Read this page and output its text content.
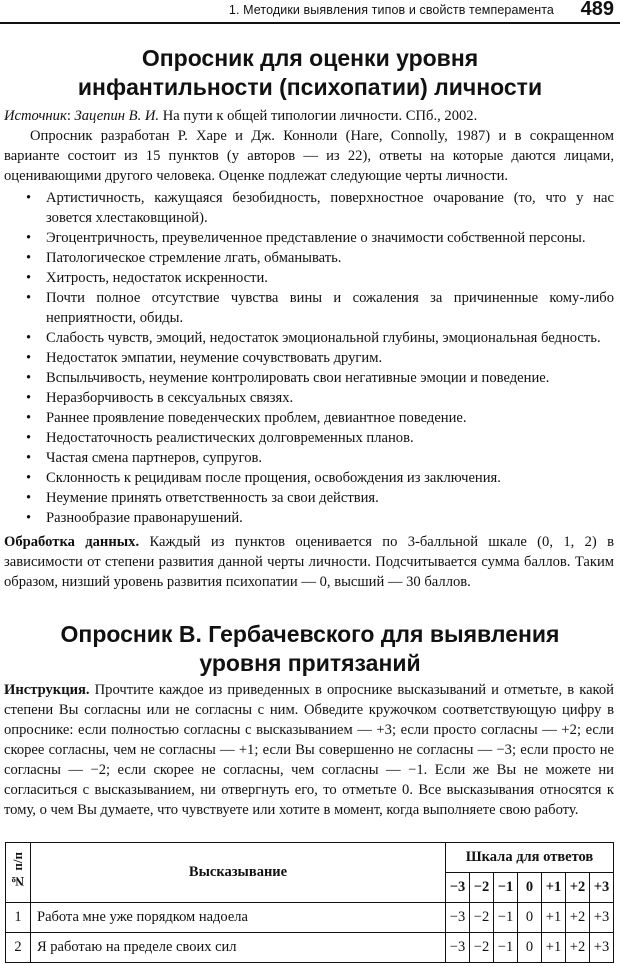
1. Методики выявления типов и свойств темперамента 489
Опросник для оценки уровня
инфантильности (психопатии) личности

Источник: Зацепин В. И. На пути к общей типологии личности. СПб., 2002.

Опросник разработан Р. Харе и Дж. Конноли (Hare, Connolly, 1987) и в сокращенном варианте состоит из 15 пунктов (у авторов — из 22), ответы на которые даются лицами, оценивающими другого человека. Оценке подлежат следующие черты личности.

• Артистичность, кажущаяся безобидность, поверхностное очарование (то, что у нас зовется хлестаковщиной).
• Эгоцентричность, преувеличенное представление о значимости собственной персоны.
• Патологическое стремление лгать, обманывать.
• Хитрость, недостаток искренности.
• Почти полное отсутствие чувства вины и сожаления за причиненные кому-либо неприятности, обиды.
• Слабость чувств, эмоций, недостаток эмоциональной глубины, эмоциональная бедность.
• Недостаток эмпатии, неумение сочувствовать другим.
• Вспыльчивость, неумение контролировать свои негативные эмоции и поведение.
• Неразборчивость в сексуальных связях.
• Раннее проявление поведенческих проблем, девиантное поведение.
• Недостаточность реалистических долговременных планов.
• Частая смена партнеров, супругов.
• Склонность к рецидивам после прощения, освобождения из заключения.
• Неумение принять ответственность за свои действия.
• Разнообразие правонарушений.

Обработка данных. Каждый из пунктов оценивается по 3-балльной шкале (0, 1, 2) в зависимости от степени развития данной черты личности. Подсчитывается сумма баллов. Таким образом, низший уровень развития психопатии — 0, высший — 30 баллов.

Опросник В. Гербачевского для выявления
уровня притязаний

Инструкция. Прочтите каждое из приведенных в опроснике высказываний и отметьте, в какой степени Вы согласны или не согласны с ним. Обведите кружочком соответствующую цифру в опроснике: если полностью согласны с высказыванием — +3; если просто согласны — +2; если скорее согласны, чем не согласны — +1; если Вы совершенно не согласны — −3; если просто не согласны — −2; если скорее не согласны, чем согласны — −1. Если же Вы не можете ни согласиться с высказыванием, ни отвергнуть его, то отметьте 0. Все высказывания относятся к тому, о чем Вы думаете, что чувствуете или хотите в момент, когда выполняете свою работу.

№ п/п	Высказывание	Шкала для ответов						
		−3	−2	−1	0	+1	+2	+3
1	Работа мне уже порядком надоела	−3	−2	−1	0	+1	+2	+3
2	Я работаю на пределе своих сил	−3	−2	−1	0	+1	+2	+3
